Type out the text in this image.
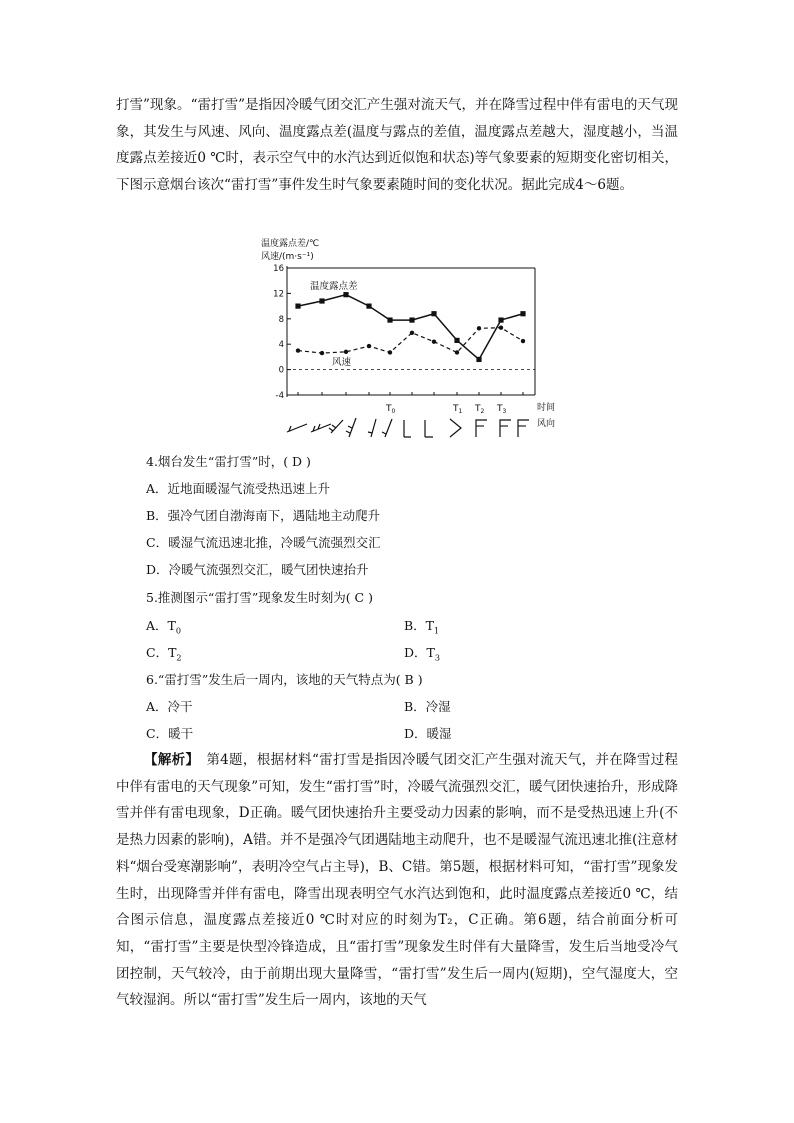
打雪”现象。“雷打雪”是指因冷暖气团交汇产生强对流天气，并在降雪过程中伴有雷电的天气现象，其发生与风速、风向、温度露点差(温度与露点的差值，温度露点差越大，湿度越小，当温度露点差接近0 ℃时，表示空气中的水汽达到近似饱和状态)等气象要素的短期变化密切相关，下图示意烟台该次“雷打雪”事件发生时气象要素随时间的变化状况。据此完成4～6题。
16
12
8
4
0
-4
温度露点差/℃
风速/(m·s⁻¹)
温度露点差
风速
$T_0$	$T_1$ $T_2$ $T_3$	时间
风向
4.烟台发生“雷打雪”时，( D )
A．近地面暖湿气流受热迅速上升
B．强冷气团自渤海南下，遇陆地主动爬升
C．暖湿气流迅速北推，冷暖气流强烈交汇
D．冷暖气流强烈交汇，暖气团快速抬升
5.推测图示“雷打雪”现象发生时刻为( C )
A．$T_0$	B．$T_1$
C．$T_2$	D．$T_3$
6.“雷打雪”发生后一周内，该地的天气特点为( B )
A．冷干	B．冷湿
C．暖干	D．暖湿
【解析】　 第4题，根据材料“雷打雪是指因冷暖气团交汇产生强对流天气，并在降雪过程中伴有雷电的天气现象”可知，发生“雷打雪”时，冷暖气流强烈交汇，暖气团快速抬升，形成降雪并伴有雷电现象，D正确。暖气团快速抬升主要受动力因素的影响，而不是受热迅速上升(不是热力因素的影响)，A错。并不是强冷气团遇陆地主动爬升，也不是暖湿气流迅速北推(注意材料“烟台受寒潮影响”，表明冷空气占主导)，B、C错。第5题，根据材料可知，“雷打雪”现象发生时，出现降雪并伴有雷电，降雪出现表明空气水汽达到饱和，此时温度露点差接近0 ℃，结合图示信息，温度露点差接近0 ℃时对应的时刻为T₂，C正确。第6题，结合前面分析可知，“雷打雪”主要是快型冷锋造成，且“雷打雪”现象发生时伴有大量降雪，发生后当地受冷气团控制，天气较冷，由于前期出现大量降雪，“雷打雪”发生后一周内(短期)，空气湿度大，空气较湿润。所以“雷打雪”发生后一周内，该地的天气
